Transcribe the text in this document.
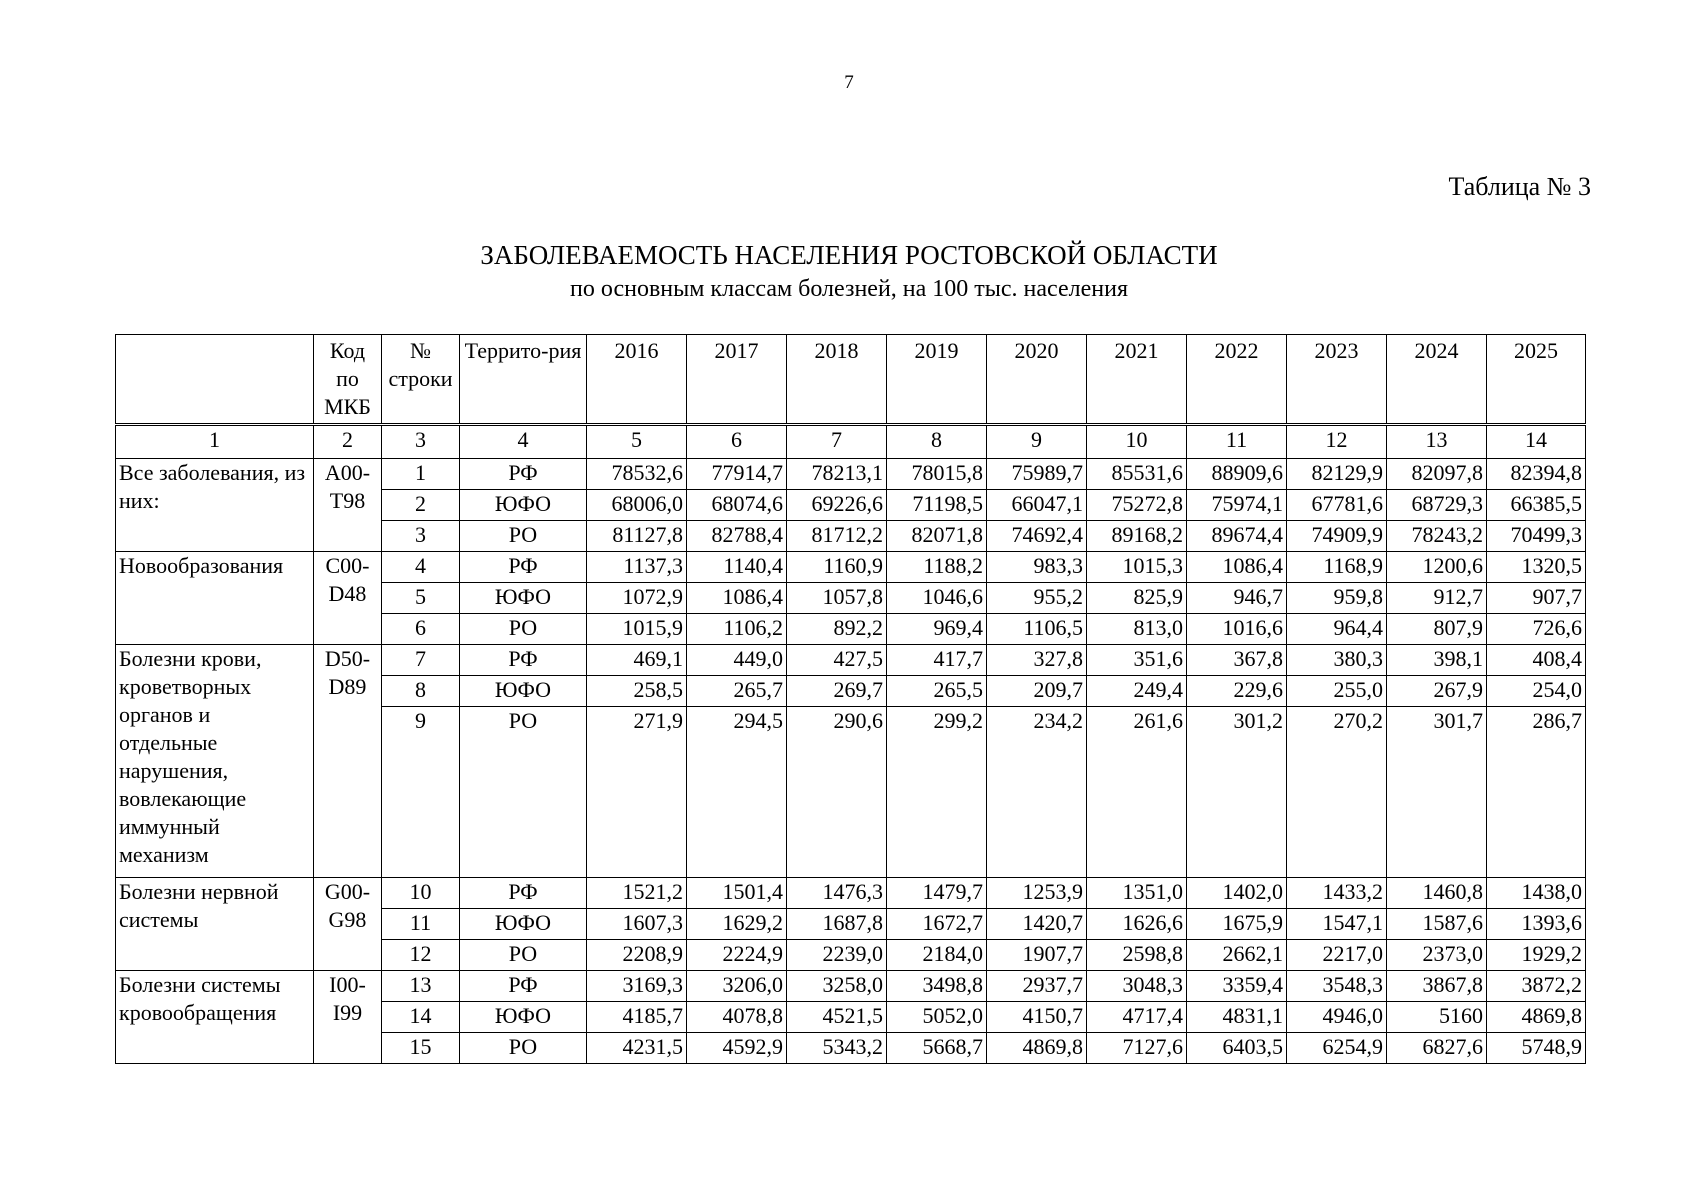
7
Таблица № 3
ЗАБОЛЕВАЕМОСТЬ НАСЕЛЕНИЯ РОСТОВСКОЙ ОБЛАСТИ
по основным классам болезней, на 100 тыс. населения
	Код по МКБ	№ строки	Террито-рия	2016	2017	2018	2019	2020	2021	2022	2023	2024	2025
1	2	3	4	5	6	7	8	9	10	11	12	13	14
Все заболевания, из них:	A00-T98	1	РФ	78532,6	77914,7	78213,1	78015,8	75989,7	85531,6	88909,6	82129,9	82097,8	82394,8
		2	ЮФО	68006,0	68074,6	69226,6	71198,5	66047,1	75272,8	75974,1	67781,6	68729,3	66385,5
		3	РО	81127,8	82788,4	81712,2	82071,8	74692,4	89168,2	89674,4	74909,9	78243,2	70499,3
Новообразования	C00-D48	4	РФ	1137,3	1140,4	1160,9	1188,2	983,3	1015,3	1086,4	1168,9	1200,6	1320,5
		5	ЮФО	1072,9	1086,4	1057,8	1046,6	955,2	825,9	946,7	959,8	912,7	907,7
		6	РО	1015,9	1106,2	892,2	969,4	1106,5	813,0	1016,6	964,4	807,9	726,6
Болезни крови, кроветворных органов и отдельные нарушения, вовлекающие иммунный механизм	D50-D89	7	РФ	469,1	449,0	427,5	417,7	327,8	351,6	367,8	380,3	398,1	408,4
		8	ЮФО	258,5	265,7	269,7	265,5	209,7	249,4	229,6	255,0	267,9	254,0
		9	РО	271,9	294,5	290,6	299,2	234,2	261,6	301,2	270,2	301,7	286,7
Болезни нервной системы	G00-G98	10	РФ	1521,2	1501,4	1476,3	1479,7	1253,9	1351,0	1402,0	1433,2	1460,8	1438,0
		11	ЮФО	1607,3	1629,2	1687,8	1672,7	1420,7	1626,6	1675,9	1547,1	1587,6	1393,6
		12	РО	2208,9	2224,9	2239,0	2184,0	1907,7	2598,8	2662,1	2217,0	2373,0	1929,2
Болезни системы кровообращения	I00-I99	13	РФ	3169,3	3206,0	3258,0	3498,8	2937,7	3048,3	3359,4	3548,3	3867,8	3872,2
		14	ЮФО	4185,7	4078,8	4521,5	5052,0	4150,7	4717,4	4831,1	4946,0	5160	4869,8
		15	РО	4231,5	4592,9	5343,2	5668,7	4869,8	7127,6	6403,5	6254,9	6827,6	5748,9
